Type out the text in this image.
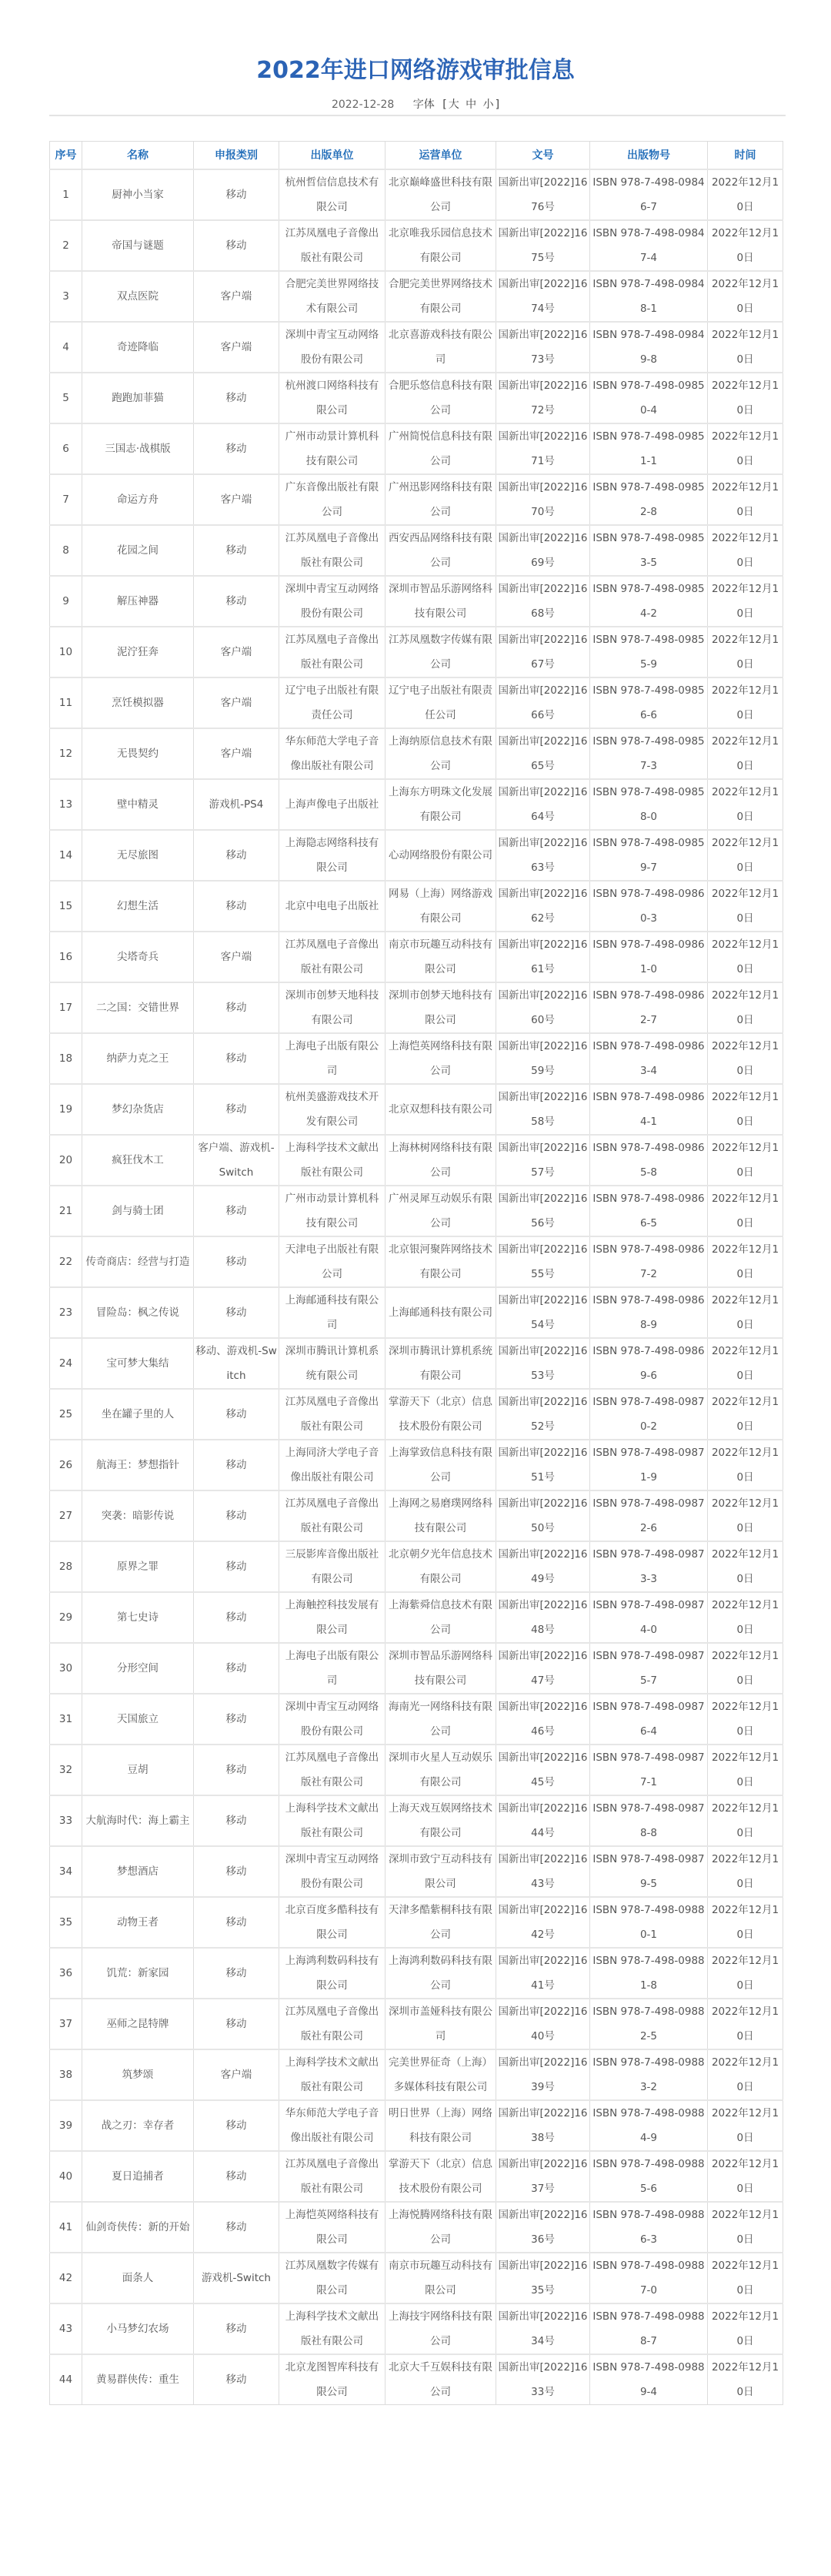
2022年进口网络游戏审批信息
2022-12-28 字体 [ 大 中 小 ]
序号	名称	申报类别	出版单位	运营单位	文号	出版物号	时间
1	厨神小当家	移动	杭州哲信信息技术有限公司	北京巅峰盛世科技有限公司	国新出审[2022]1676号	ISBN 978-7-498-09846-7	2022年12月10日
2	帝国与谜题	移动	江苏凤凰电子音像出版社有限公司	北京唯我乐园信息技术有限公司	国新出审[2022]1675号	ISBN 978-7-498-09847-4	2022年12月10日
3	双点医院	客户端	合肥完美世界网络技术有限公司	合肥完美世界网络技术有限公司	国新出审[2022]1674号	ISBN 978-7-498-09848-1	2022年12月10日
4	奇迹降临	客户端	深圳中青宝互动网络股份有限公司	北京喜游戏科技有限公司	国新出审[2022]1673号	ISBN 978-7-498-09849-8	2022年12月10日
5	跑跑加菲猫	移动	杭州渡口网络科技有限公司	合肥乐悠信息科技有限公司	国新出审[2022]1672号	ISBN 978-7-498-09850-4	2022年12月10日
6	三国志·战棋版	移动	广州市动景计算机科技有限公司	广州简悦信息科技有限公司	国新出审[2022]1671号	ISBN 978-7-498-09851-1	2022年12月10日
7	命运方舟	客户端	广东音像出版社有限公司	广州迅影网络科技有限公司	国新出审[2022]1670号	ISBN 978-7-498-09852-8	2022年12月10日
8	花园之间	移动	江苏凤凰电子音像出版社有限公司	西安西品网络科技有限公司	国新出审[2022]1669号	ISBN 978-7-498-09853-5	2022年12月10日
9	解压神器	移动	深圳中青宝互动网络股份有限公司	深圳市智品乐游网络科技有限公司	国新出审[2022]1668号	ISBN 978-7-498-09854-2	2022年12月10日
10	泥泞狂奔	客户端	江苏凤凰电子音像出版社有限公司	江苏凤凰数字传媒有限公司	国新出审[2022]1667号	ISBN 978-7-498-09855-9	2022年12月10日
11	烹饪模拟器	客户端	辽宁电子出版社有限责任公司	辽宁电子出版社有限责任公司	国新出审[2022]1666号	ISBN 978-7-498-09856-6	2022年12月10日
12	无畏契约	客户端	华东师范大学电子音像出版社有限公司	上海纳原信息技术有限公司	国新出审[2022]1665号	ISBN 978-7-498-09857-3	2022年12月10日
13	壁中精灵	游戏机-PS4	上海声像电子出版社	上海东方明珠文化发展有限公司	国新出审[2022]1664号	ISBN 978-7-498-09858-0	2022年12月10日
14	无尽旅图	移动	上海隐志网络科技有限公司	心动网络股份有限公司	国新出审[2022]1663号	ISBN 978-7-498-09859-7	2022年12月10日
15	幻想生活	移动	北京中电电子出版社	网易（上海）网络游戏有限公司	国新出审[2022]1662号	ISBN 978-7-498-09860-3	2022年12月10日
16	尖塔奇兵	客户端	江苏凤凰电子音像出版社有限公司	南京市玩趣互动科技有限公司	国新出审[2022]1661号	ISBN 978-7-498-09861-0	2022年12月10日
17	二之国：交错世界	移动	深圳市创梦天地科技有限公司	深圳市创梦天地科技有限公司	国新出审[2022]1660号	ISBN 978-7-498-09862-7	2022年12月10日
18	纳萨力克之王	移动	上海电子出版有限公司	上海恺英网络科技有限公司	国新出审[2022]1659号	ISBN 978-7-498-09863-4	2022年12月10日
19	梦幻杂货店	移动	杭州美盛游戏技术开发有限公司	北京双想科技有限公司	国新出审[2022]1658号	ISBN 978-7-498-09864-1	2022年12月10日
20	疯狂伐木工	客户端、游戏机-Switch	上海科学技术文献出版社有限公司	上海林树网络科技有限公司	国新出审[2022]1657号	ISBN 978-7-498-09865-8	2022年12月10日
21	剑与骑士团	移动	广州市动景计算机科技有限公司	广州灵犀互动娱乐有限公司	国新出审[2022]1656号	ISBN 978-7-498-09866-5	2022年12月10日
22	传奇商店：经营与打造	移动	天津电子出版社有限公司	北京银河聚阵网络技术有限公司	国新出审[2022]1655号	ISBN 978-7-498-09867-2	2022年12月10日
23	冒险岛：枫之传说	移动	上海邮通科技有限公司	上海邮通科技有限公司	国新出审[2022]1654号	ISBN 978-7-498-09868-9	2022年12月10日
24	宝可梦大集结	移动、游戏机-Switch	深圳市腾讯计算机系统有限公司	深圳市腾讯计算机系统有限公司	国新出审[2022]1653号	ISBN 978-7-498-09869-6	2022年12月10日
25	坐在罐子里的人	移动	江苏凤凰电子音像出版社有限公司	掌游天下（北京）信息技术股份有限公司	国新出审[2022]1652号	ISBN 978-7-498-09870-2	2022年12月10日
26	航海王：梦想指针	移动	上海同济大学电子音像出版社有限公司	上海掌致信息科技有限公司	国新出审[2022]1651号	ISBN 978-7-498-09871-9	2022年12月10日
27	突袭：暗影传说	移动	江苏凤凰电子音像出版社有限公司	上海网之易磨璞网络科技有限公司	国新出审[2022]1650号	ISBN 978-7-498-09872-6	2022年12月10日
28	原界之罪	移动	三辰影库音像出版社有限公司	北京朝夕光年信息技术有限公司	国新出审[2022]1649号	ISBN 978-7-498-09873-3	2022年12月10日
29	第七史诗	移动	上海触控科技发展有限公司	上海紫舜信息技术有限公司	国新出审[2022]1648号	ISBN 978-7-498-09874-0	2022年12月10日
30	分形空间	移动	上海电子出版有限公司	深圳市智品乐游网络科技有限公司	国新出审[2022]1647号	ISBN 978-7-498-09875-7	2022年12月10日
31	天国旅立	移动	深圳中青宝互动网络股份有限公司	海南光一网络科技有限公司	国新出审[2022]1646号	ISBN 978-7-498-09876-4	2022年12月10日
32	豆胡	移动	江苏凤凰电子音像出版社有限公司	深圳市火星人互动娱乐有限公司	国新出审[2022]1645号	ISBN 978-7-498-09877-1	2022年12月10日
33	大航海时代：海上霸主	移动	上海科学技术文献出版社有限公司	上海天戏互娱网络技术有限公司	国新出审[2022]1644号	ISBN 978-7-498-09878-8	2022年12月10日
34	梦想酒店	移动	深圳中青宝互动网络股份有限公司	深圳市致宁互动科技有限公司	国新出审[2022]1643号	ISBN 978-7-498-09879-5	2022年12月10日
35	动物王者	移动	北京百度多酷科技有限公司	天津多酷紫桐科技有限公司	国新出审[2022]1642号	ISBN 978-7-498-09880-1	2022年12月10日
36	饥荒：新家园	移动	上海鸿利数码科技有限公司	上海鸿利数码科技有限公司	国新出审[2022]1641号	ISBN 978-7-498-09881-8	2022年12月10日
37	巫师之昆特牌	移动	江苏凤凰电子音像出版社有限公司	深圳市盖娅科技有限公司	国新出审[2022]1640号	ISBN 978-7-498-09882-5	2022年12月10日
38	筑梦颂	客户端	上海科学技术文献出版社有限公司	完美世界征奇（上海）多媒体科技有限公司	国新出审[2022]1639号	ISBN 978-7-498-09883-2	2022年12月10日
39	战之刃：幸存者	移动	华东师范大学电子音像出版社有限公司	明日世界（上海）网络科技有限公司	国新出审[2022]1638号	ISBN 978-7-498-09884-9	2022年12月10日
40	夏日追捕者	移动	江苏凤凰电子音像出版社有限公司	掌游天下（北京）信息技术股份有限公司	国新出审[2022]1637号	ISBN 978-7-498-09885-6	2022年12月10日
41	仙剑奇侠传：新的开始	移动	上海恺英网络科技有限公司	上海悦腾网络科技有限公司	国新出审[2022]1636号	ISBN 978-7-498-09886-3	2022年12月10日
42	面条人	游戏机-Switch	江苏凤凰数字传媒有限公司	南京市玩趣互动科技有限公司	国新出审[2022]1635号	ISBN 978-7-498-09887-0	2022年12月10日
43	小马梦幻农场	移动	上海科学技术文献出版社有限公司	上海技宇网络科技有限公司	国新出审[2022]1634号	ISBN 978-7-498-09888-7	2022年12月10日
44	黄易群侠传：重生	移动	北京龙图智库科技有限公司	北京大千互娱科技有限公司	国新出审[2022]1633号	ISBN 978-7-498-09889-4	2022年12月10日
